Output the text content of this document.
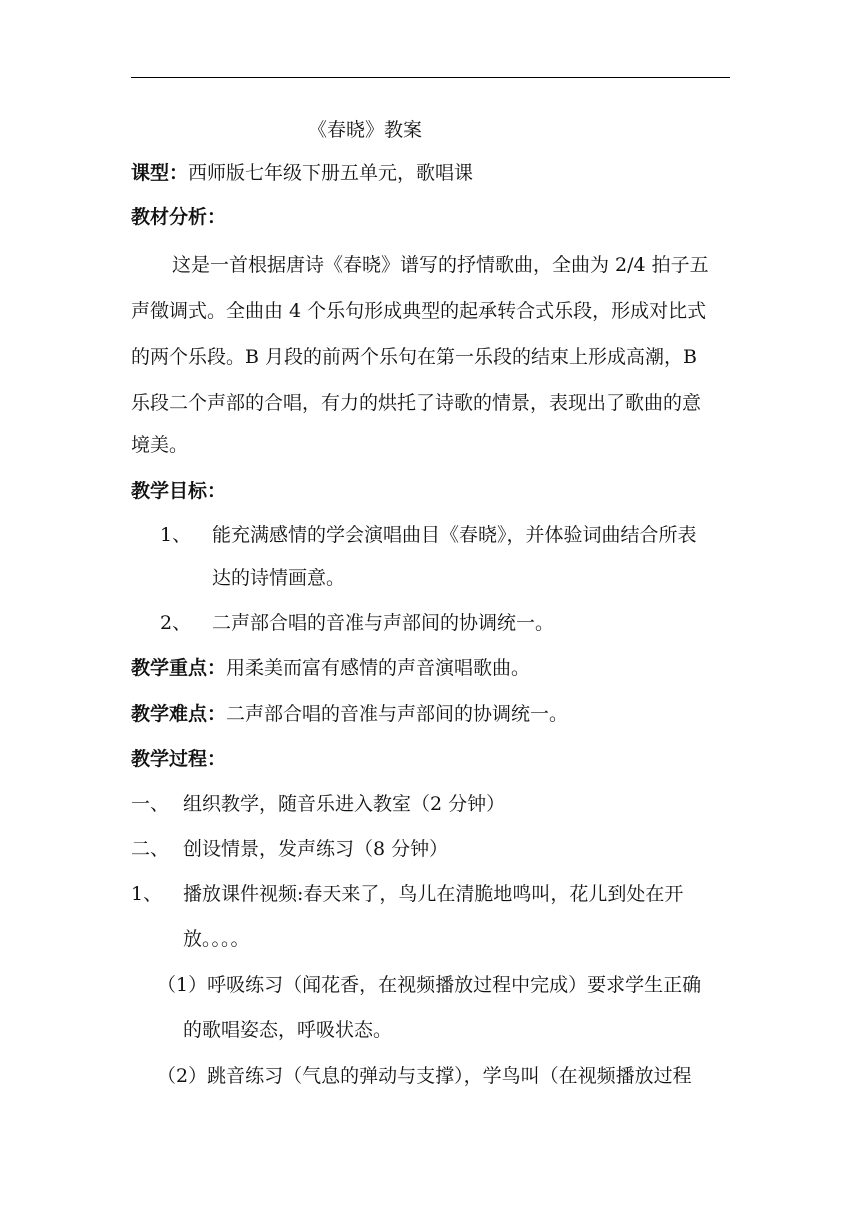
《春晓》教案
课型：西师版七年级下册五单元，歌唱课
教材分析：
这是一首根据唐诗《春晓》谱写的抒情歌曲，全曲为 2/4 拍子五
声徵调式。全曲由 4 个乐句形成典型的起承转合式乐段，形成对比式
的两个乐段。B 月段的前两个乐句在第一乐段的结束上形成高潮，B
乐段二个声部的合唱，有力的烘托了诗歌的情景，表现出了歌曲的意
境美。
教学目标：
1、 能充满感情的学会演唱曲目《春晓》，并体验词曲结合所表
达的诗情画意。
2、 二声部合唱的音准与声部间的协调统一。
教学重点：用柔美而富有感情的声音演唱歌曲。
教学难点：二声部合唱的音准与声部间的协调统一。
教学过程：
一、 组织教学，随音乐进入教室（2 分钟）
二、 创设情景，发声练习（8 分钟）
1、 播放课件视频:春天来了，鸟儿在清脆地鸣叫，花儿到处在开
放。。。。
（1）呼吸练习（闻花香，在视频播放过程中完成）要求学生正确
的歌唱姿态，呼吸状态。
（2）跳音练习（气息的弹动与支撑），学鸟叫（在视频播放过程
